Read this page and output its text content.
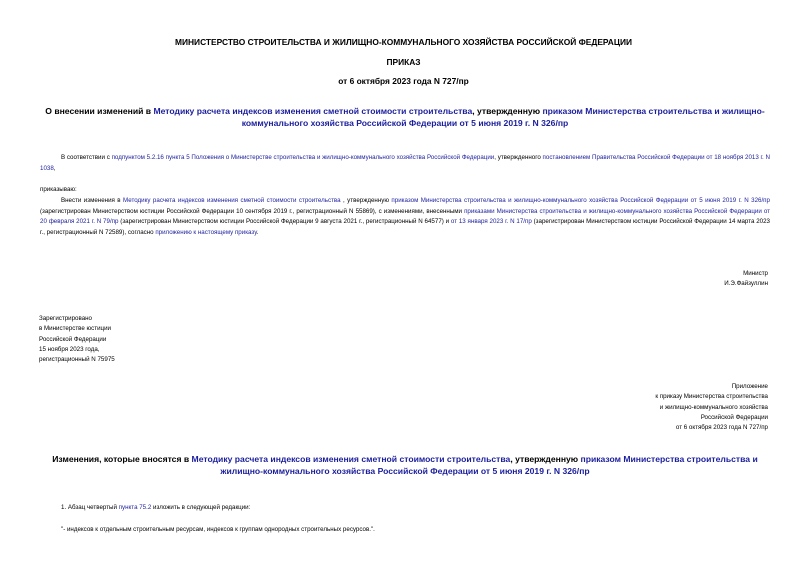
МИНИСТЕРСТВО СТРОИТЕЛЬСТВА И ЖИЛИЩНО-КОММУНАЛЬНОГО ХОЗЯЙСТВА РОССИЙСКОЙ ФЕДЕРАЦИИ
ПРИКАЗ
от 6 октября 2023 года N 727/пр
О внесении изменений в Методику расчета индексов изменения сметной стоимости строительства, утвержденную приказом Министерства строительства и жилищно-коммунального хозяйства Российской Федерации от 5 июня 2019 г. N 326/пр
В соответствии с подпунктом 5.2.16 пункта 5 Положения о Министерстве строительства и жилищно-коммунального хозяйства Российской Федерации, утвержденного постановлением Правительства Российской Федерации от 18 ноября 2013 г. N 1038,
приказываю:
Внести изменения в Методику расчета индексов изменения сметной стоимости строительства , утвержденную приказом Министерства строительства и жилищно-коммунального хозяйства Российской Федерации от 5 июня 2019 г. N 326/пр (зарегистрирован Министерством юстиции Российской Федерации 10 сентября 2019 г., регистрационный N 55869), с изменениями, внесенными приказами Министерства строительства и жилищно-коммунального хозяйства Российской Федерации от 20 февраля 2021 г. N 79/пр (зарегистрирован Министерством юстиции Российской Федерации 9 августа 2021 г., регистрационный N 64577) и от 13 января 2023 г. N 17/пр (зарегистрирован Министерством юстиции Российской Федерации 14 марта 2023 г., регистрационный N 72589), согласно приложению к настоящему приказу.
Министр
И.Э.Файзуллин
Зарегистрировано
в Министерстве юстиции
Российской Федерации
15 ноября 2023 года,
регистрационный N 75975
Приложение
к приказу Министерства строительства
и жилищно-коммунального хозяйства
Российской Федерации
от 6 октября 2023 года N 727/пр
Изменения, которые вносятся в Методику расчета индексов изменения сметной стоимости строительства, утвержденную приказом Министерства строительства и жилищно-коммунального хозяйства Российской Федерации от 5 июня 2019 г. N 326/пр
1. Абзац четвертый пункта 75.2 изложить в следующей редакции:
"- индексов к отдельным строительным ресурсам, индексов к группам однородных строительных ресурсов.".
